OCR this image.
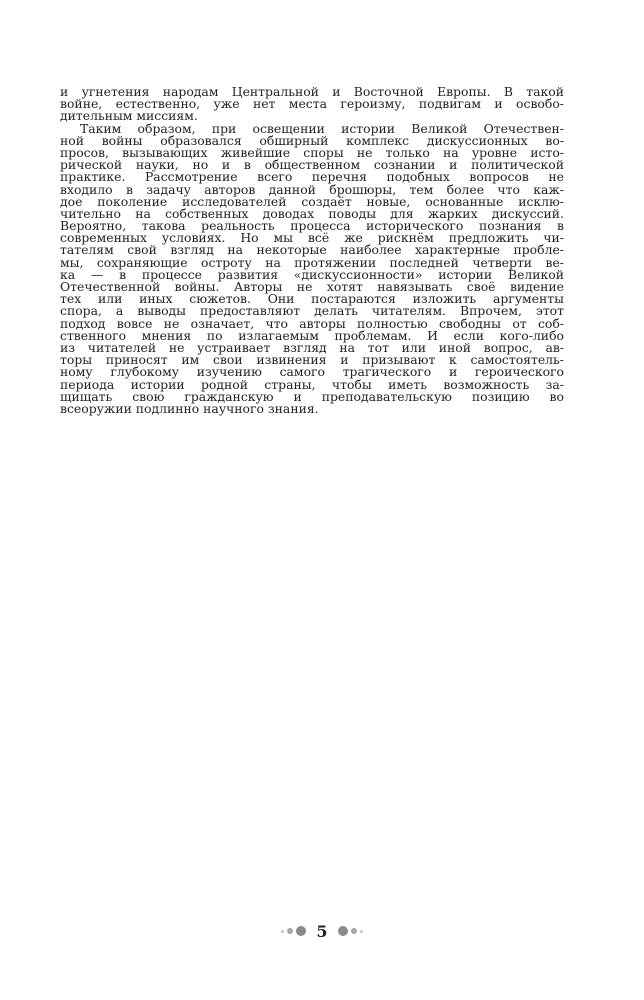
и угнетения народам Центральной и Восточной Европы. В такой
войне, естественно, уже нет места героизму, подвигам и освобо-
дительным миссиям.
Таким образом, при освещении истории Великой Отечествен-
ной войны образовался обширный комплекс дискуссионных во-
просов, вызывающих живейшие споры не только на уровне исто-
рической науки, но и в общественном сознании и политической
практике. Рассмотрение всего перечня подобных вопросов не
входило в задачу авторов данной брошюры, тем более что каж-
дое поколение исследователей создаёт новые, основанные исклю-
чительно на собственных доводах поводы для жарких дискуссий.
Вероятно, такова реальность процесса исторического познания в
современных условиях. Но мы всё же рискнём предложить чи-
тателям свой взгляд на некоторые наиболее характерные пробле-
мы, сохраняющие остроту на протяжении последней четверти ве-
ка — в процессе развития «дискуссионности» истории Великой
Отечественной войны. Авторы не хотят навязывать своё видение
тех или иных сюжетов. Они постараются изложить аргументы
спора, а выводы предоставляют делать читателям. Впрочем, этот
подход вовсе не означает, что авторы полностью свободны от соб-
ственного мнения по излагаемым проблемам. И если кого-либо
из читателей не устраивает взгляд на тот или иной вопрос, ав-
торы приносят им свои извинения и призывают к самостоятель-
ному глубокому изучению самого трагического и героического
периода истории родной страны, чтобы иметь возможность за-
щищать свою гражданскую и преподавательскую позицию во
всеоружии подлинно научного знания.
5
